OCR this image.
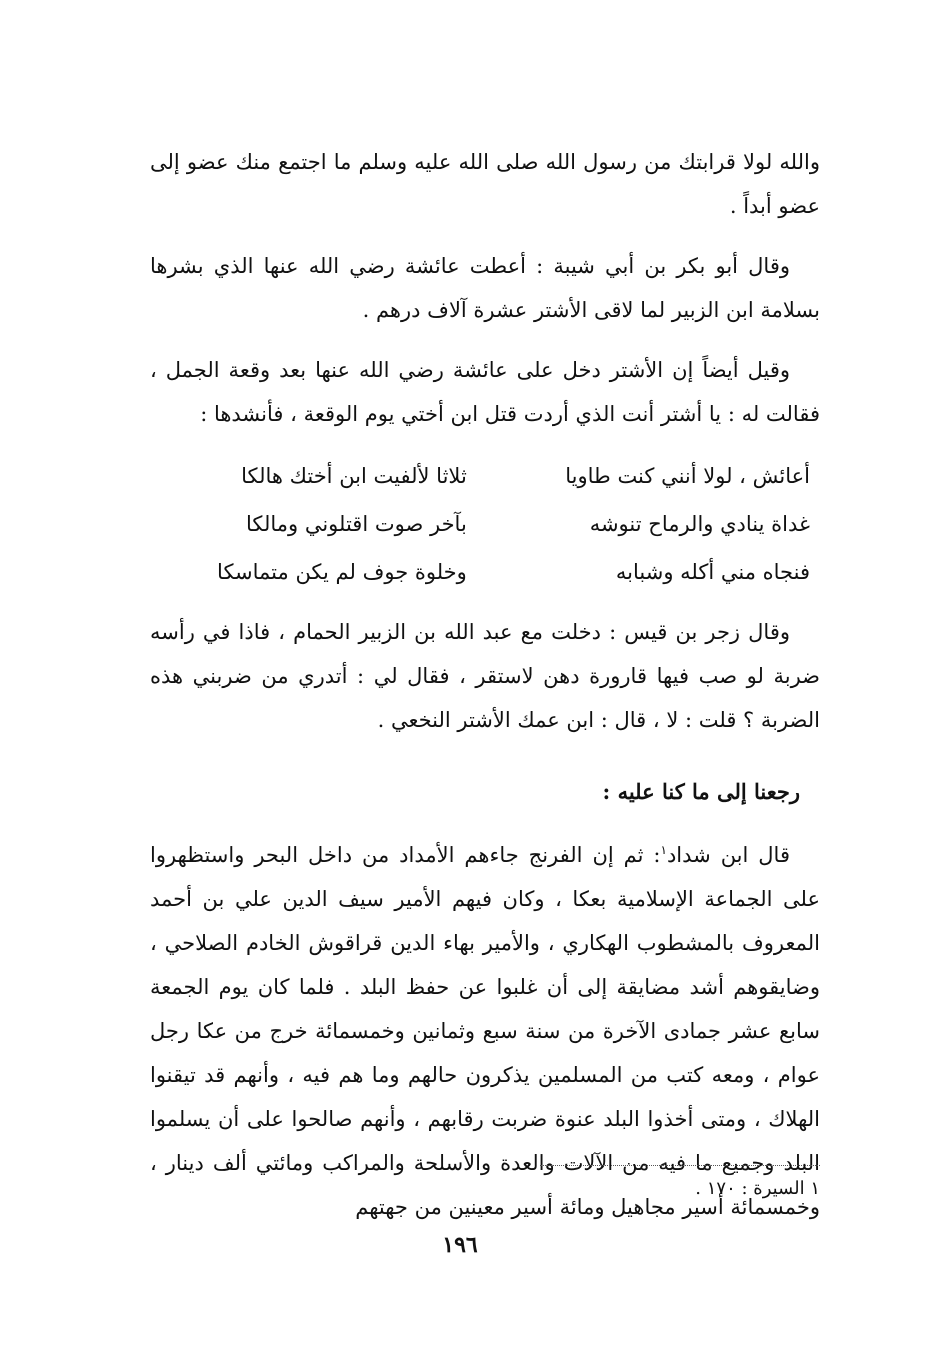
والله لولا قرابتك من رسول الله صلى الله عليه وسلم ما اجتمع منك عضو إلى عضو أبداً .

وقال أبو بكر بن أبي شيبة : أعطت عائشة رضي الله عنها الذي بشرها بسلامة ابن الزبير لما لاقى الأشتر عشرة آلاف درهم .

وقيل أيضاً إن الأشتر دخل على عائشة رضي الله عنها بعد وقعة الجمل ، فقالت له : يا أشتر أنت الذي أردت قتل ابن أختي يوم الوقعة ، فأنشدها :

أعائش ، لولا أنني كنت طاويا
ثلاثا لألفيت ابن أختك هالكا
غداة ينادي والرماح تنوشه
بآخر صوت اقتلوني ومالكا
فنجاه مني أكله وشبابه
وخلوة جوف لم يكن متماسكا

وقال زجر بن قيس : دخلت مع عبد الله بن الزبير الحمام ، فاذا في رأسه ضربة لو صب فيها قارورة دهن لاستقر ، فقال لي : أتدري من ضربني هذه الضربة ؟ قلت : لا ، قال : ابن عمك الأشتر النخعي .

رجعنا إلى ما كنا عليه :

قال ابن شداد$^١$: ثم إن الفرنج جاءهم الأمداد من داخل البحر واستظهروا على الجماعة الإسلامية بعكا ، وكان فيهم الأمير سيف الدين علي بن أحمد المعروف بالمشطوب الهكاري ، والأمير بهاء الدين قراقوش الخادم الصلاحي ، وضايقوهم أشد مضايقة إلى أن غلبوا عن حفظ البلد . فلما كان يوم الجمعة سابع عشر جمادى الآخرة من سنة سبع وثمانين وخمسمائة خرج من عكا رجل عوام ، ومعه كتب من المسلمين يذكرون حالهم وما هم فيه ، وأنهم قد تيقنوا الهلاك ، ومتى أخذوا البلد عنوة ضربت رقابهم ، وأنهم صالحوا على أن يسلموا البلد وجميع ما فيه من الآلات والعدة والأسلحة والمراكب ومائتي ألف دينار ، وخمسمائة أسير مجاهيل ومائة أسير معينين من جهتهم

١ السيرة : ١٧٠ .
١٩٦
